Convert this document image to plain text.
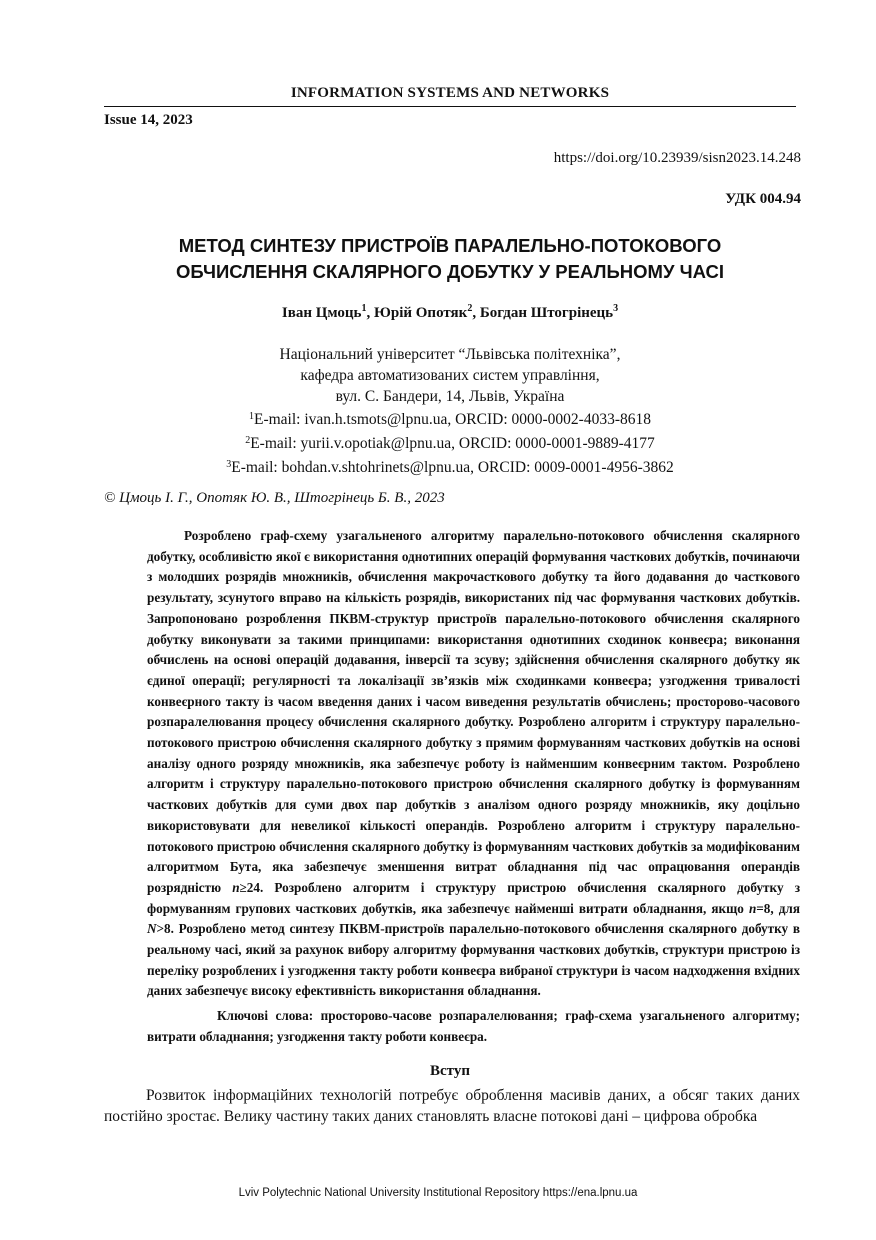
INFORMATION SYSTEMS AND NETWORKS
Issue 14, 2023
https://doi.org/10.23939/sisn2023.14.248
УДК 004.94
МЕТОД СИНТЕЗУ ПРИСТРОЇВ ПАРАЛЕЛЬНО-ПОТОКОВОГО
ОБЧИСЛЕННЯ СКАЛЯРНОГО ДОБУТКУ У РЕАЛЬНОМУ ЧАСІ
Іван Цмоць$^1$, Юрій Опотяк$^2$, Богдан Штогрінець$^3$
Національний університет “Львівська політехніка”,
кафедра автоматизованих систем управління,
вул. С. Бандери, 14, Львів, Україна
$^1$E-mail: ivan.h.tsmots@lpnu.ua, ORCID: 0000-0002-4033-8618
$^2$E-mail: yurii.v.opotiak@lpnu.ua, ORCID: 0000-0001-9889-4177
$^3$E-mail: bohdan.v.shtohrinets@lpnu.ua, ORCID: 0009-0001-4956-3862
© Цмоць І. Г., Опотяк Ю. В., Штогрінець Б. В., 2023

Розроблено граф-схему узагальненого алгоритму паралельно-потокового обчислення скалярного добутку, особливістю якої є використання однотипних операцій формування часткових добутків, починаючи з молодших розрядів множників, обчислення макрочасткового добутку та його додавання до часткового результату, зсунутого вправо на кількість розрядів, використаних під час формування часткових добутків. Запропоновано розроблення ПКВМ-структур пристроїв паралельно-потокового обчислення скалярного добутку виконувати за такими принципами: використання однотипних сходинок конвеєра; виконання обчислень на основі операцій додавання, інверсії та зсуву; здійснення обчислення скалярного добутку як єдиної операції; регулярності та локалізації зв’язків між сходинками конвеєра; узгодження тривалості конвеєрного такту із часом введення даних і часом виведення результатів обчислень; просторово-часового розпаралелювання процесу обчислення скалярного добутку. Розроблено алгоритм і структуру паралельно-потокового пристрою обчислення скалярного добутку з прямим формуванням часткових добутків на основі аналізу одного розряду множників, яка забезпечує роботу із найменшим конвеєрним тактом. Розроблено алгоритм і структуру паралельно-потокового пристрою обчислення скалярного добутку із формуванням часткових добутків для суми двох пар добутків з аналізом одного розряду множників, яку доцільно використовувати для невеликої кількості операндів. Розроблено алгоритм і структуру паралельно-потокового пристрою обчислення скалярного добутку із формуванням часткових добутків за модифікованим алгоритмом Бута, яка забезпечує зменшення витрат обладнання під час опрацювання операндів розрядністю n≥24. Розроблено алгоритм і структуру пристрою обчислення скалярного добутку з формуванням групових часткових добутків, яка забезпечує найменші витрати обладнання, якщо n=8, для N>8. Розроблено метод синтезу ПКВМ-пристроїв паралельно-потокового обчислення скалярного добутку в реальному часі, який за рахунок вибору алгоритму формування часткових добутків, структури пристрою із переліку розроблених і узгодження такту роботи конвеєра вибраної структури із часом надходження вхідних даних забезпечує високу ефективність використання обладнання.

Ключові слова: просторово-часове розпаралелювання; граф-схема узагальненого алгоритму; витрати обладнання; узгодження такту роботи конвеєра.

Вступ

Розвиток інформаційних технологій потребує оброблення масивів даних, а обсяг таких даних постійно зростає. Велику частину таких даних становлять власне потокові дані – цифрова обробка

Lviv Polytechnic National University Institutional Repository https://ena.lpnu.ua
